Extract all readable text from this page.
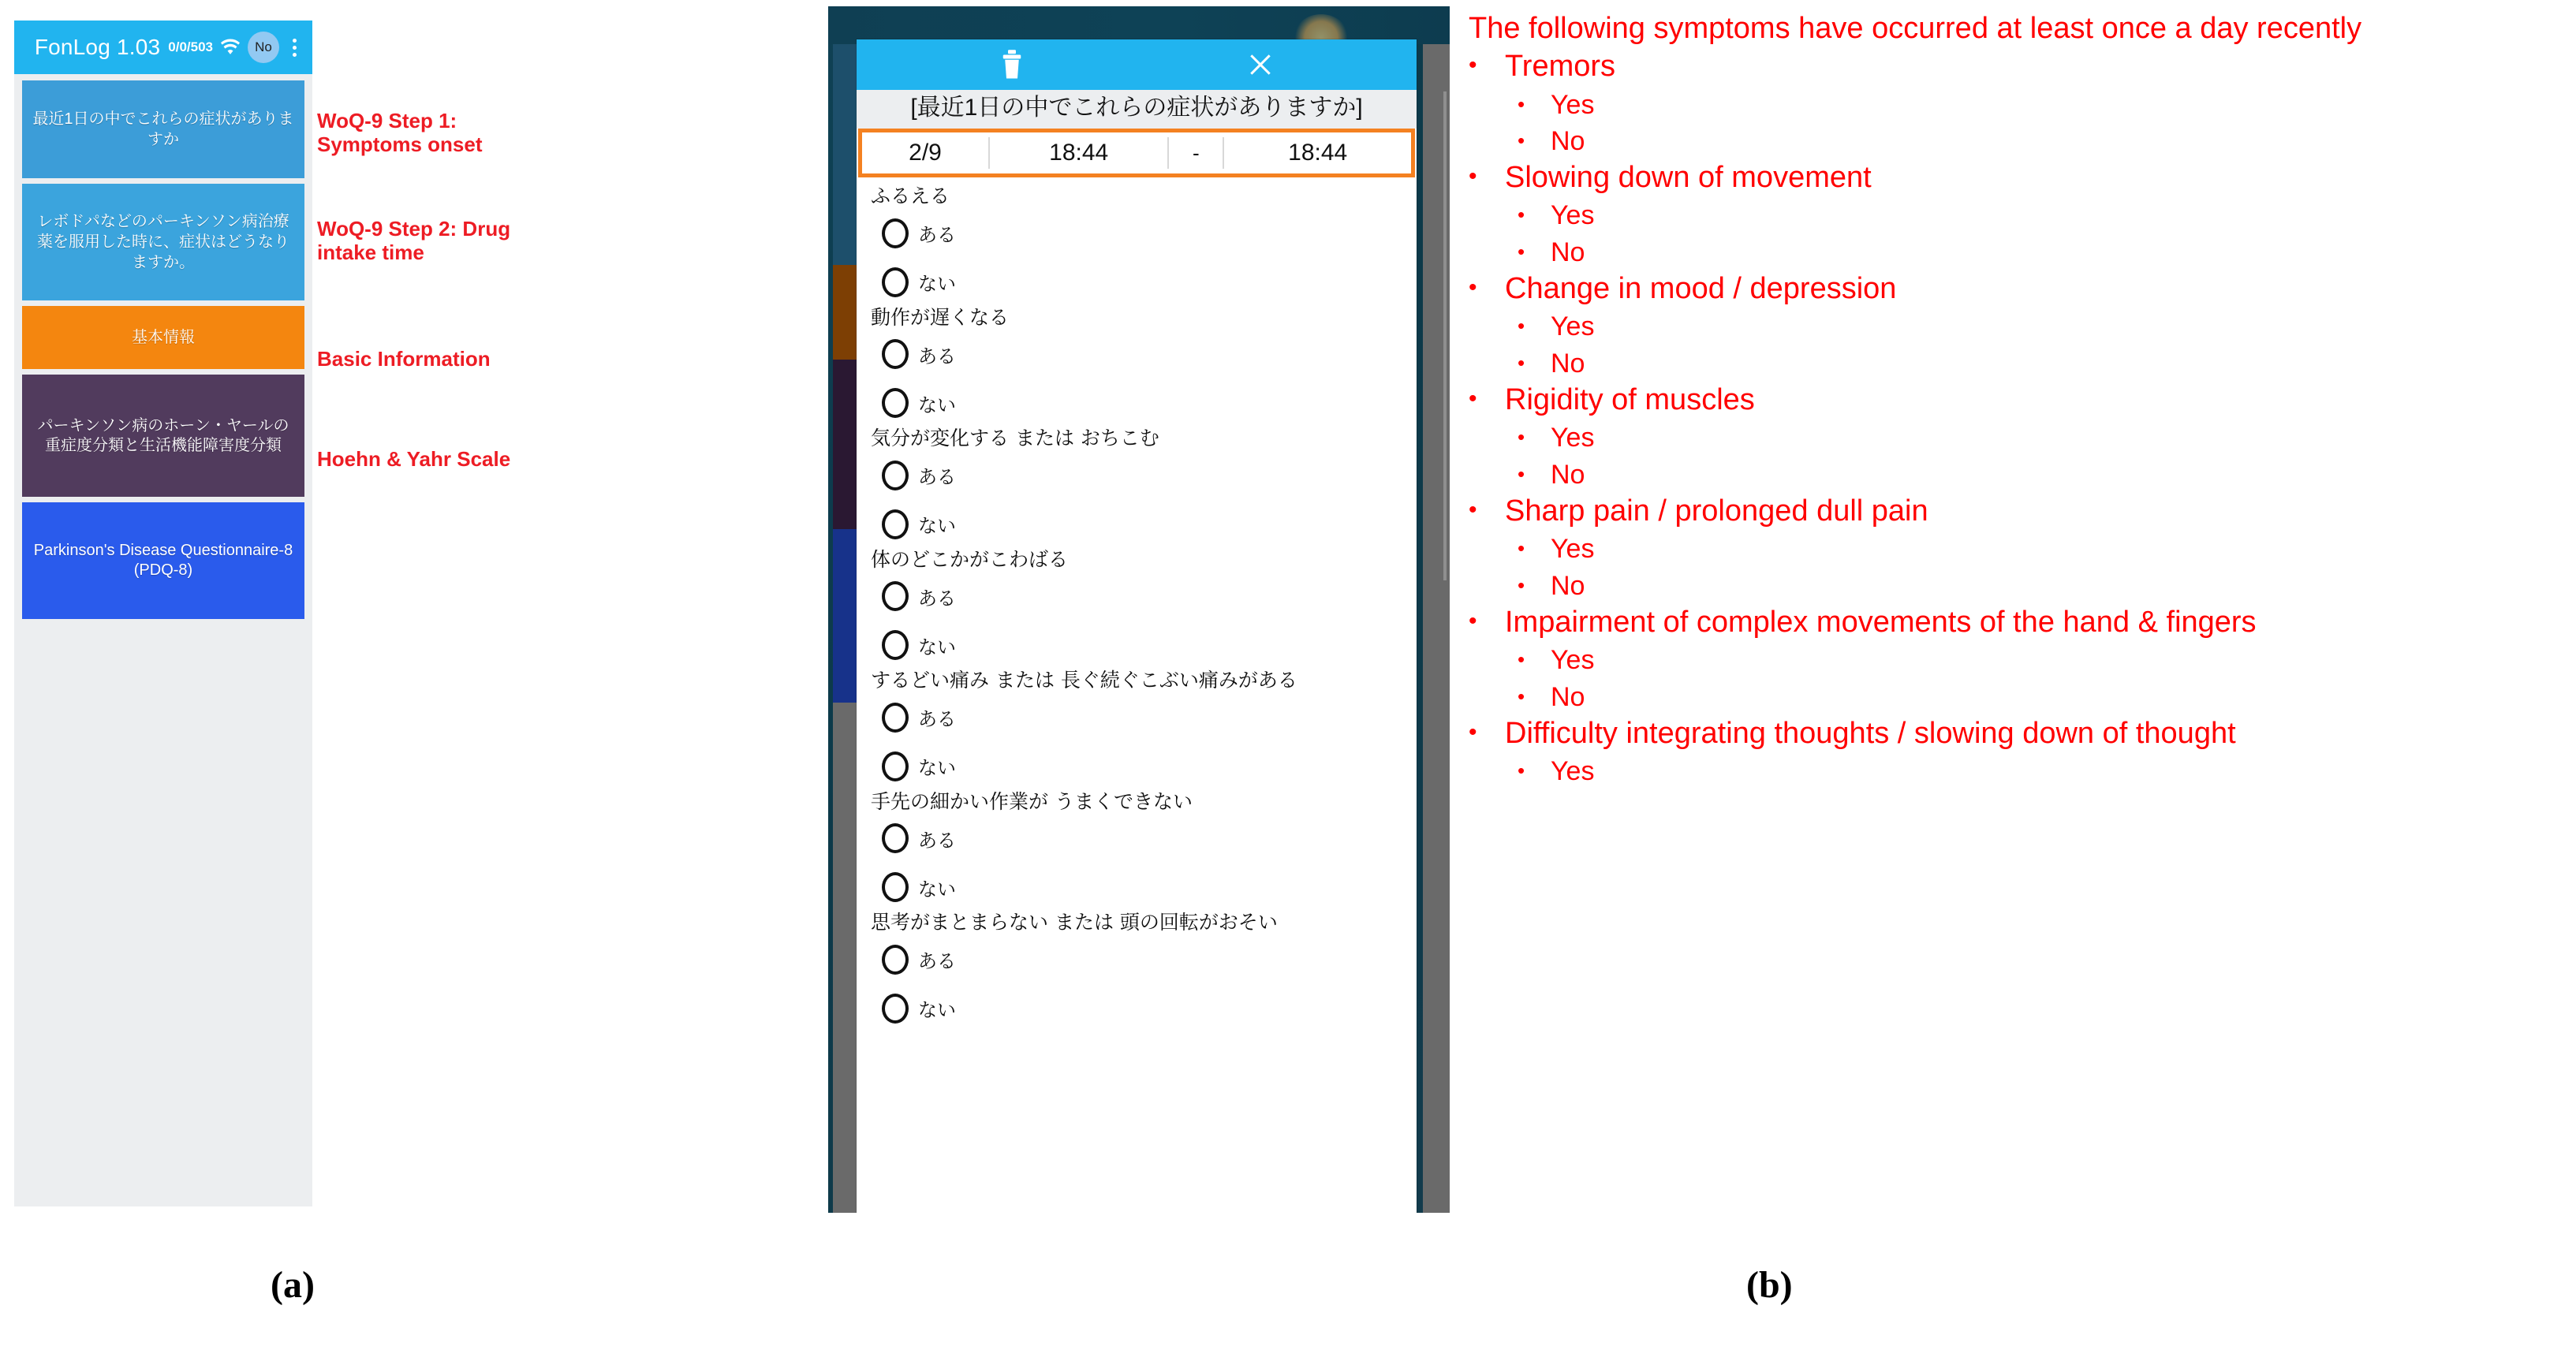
FonLog 1.03 0/0/503	No
最近1日の中でこれらの症状がありますか
レボドパなどのパーキンソン病治療薬を服用した時に、症状はどうなりますか。
基本情報
パーキンソン病のホーン・ヤールの重症度分類と生活機能障害度分類
Parkinson's Disease Questionnaire-8 (PDQ-8)
WoQ-9 Step 1: Symptoms onset
WoQ-9 Step 2: Drug intake time
Basic Information
Hoehn & Yahr Scale
[最近1日の中でこれらの症状がありますか]
2/9	18:44	-	18:44
ふるえる
ある
ない
動作が遅くなる
ある
ない
気分が変化する または おちこむ
ある
ない
体のどこかがこわばる
ある
ない
するどい痛み または 長ぐ続ぐこぶい痛みがある
ある
ない
手先の細かい作業が うまくできない
ある
ない
思考がまとまらない または 頭の回転がおそい
ある
ない
The following symptoms have occurred at least once a day recently
• Tremors
• Yes
• No
• Slowing down of movement
• Yes
• No
• Change in mood / depression
• Yes
• No
• Rigidity of muscles
• Yes
• No
• Sharp pain / prolonged dull pain
• Yes
• No
• Impairment of complex movements of the hand & fingers
• Yes
• No
• Difficulty integrating thoughts / slowing down of thought
• Yes
(a)	(b)
